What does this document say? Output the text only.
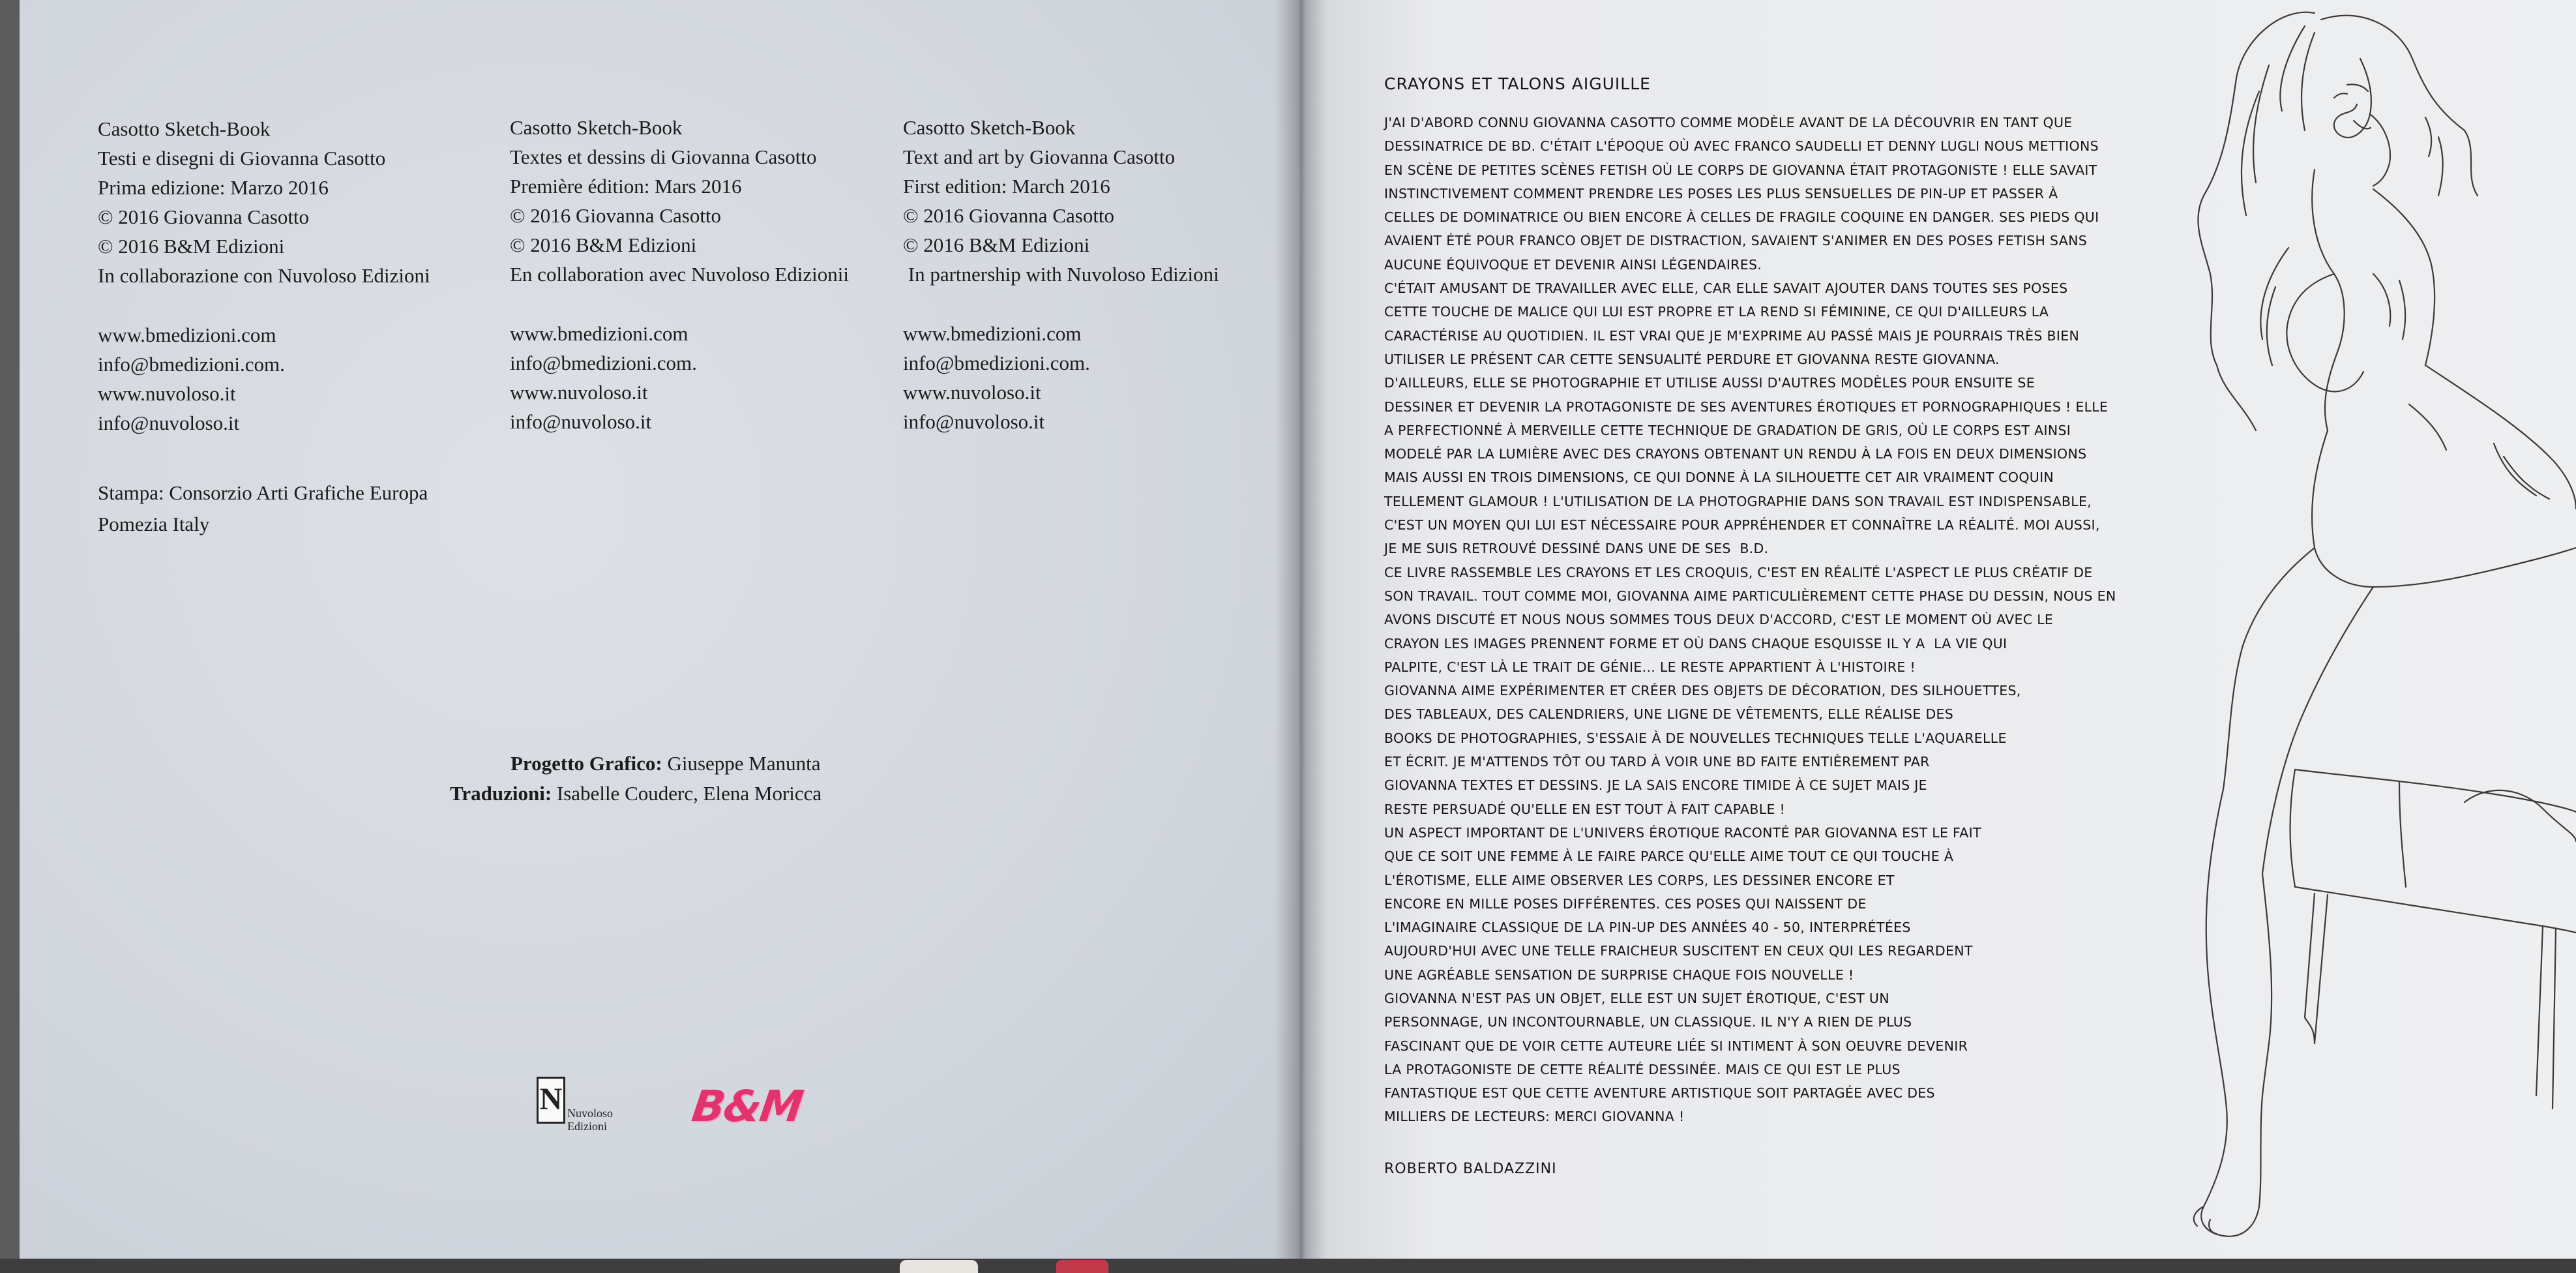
Casotto Sketch-Book
Testi e disegni di Giovanna Casotto
Prima edizione: Marzo 2016
© 2016 Giovanna Casotto
© 2016 B&M Edizioni
In collaborazione con Nuvoloso Edizioni
www.bmedizioni.com
info@bmedizioni.com.
www.nuvoloso.it
info@nuvoloso.it
Casotto Sketch-Book
Textes et dessins di Giovanna Casotto
Première édition: Mars 2016
© 2016 Giovanna Casotto
© 2016 B&M Edizioni
En collaboration avec Nuvoloso Edizionii
www.bmedizioni.com
info@bmedizioni.com.
www.nuvoloso.it
info@nuvoloso.it
Casotto Sketch-Book
Text and art by Giovanna Casotto
First edition: March 2016
© 2016 Giovanna Casotto
© 2016 B&M Edizioni
In partnership with Nuvoloso Edizioni
www.bmedizioni.com
info@bmedizioni.com.
www.nuvoloso.it
info@nuvoloso.it
Stampa: Consorzio Arti Grafiche Europa
Pomezia Italy
Progetto Grafico: Giuseppe Manunta
Traduzioni: Isabelle Couderc, Elena Moricca
N Nuvoloso Edizioni	B&M
CRAYONS ET TALONS AIGUILLE
J'AI D'ABORD CONNU GIOVANNA CASOTTO COMME MODÈLE AVANT DE LA DÉCOUVRIR EN TANT QUE
DESSINATRICE DE BD. C'ÉTAIT L'ÉPOQUE OÙ AVEC FRANCO SAUDELLI ET DENNY LUGLI NOUS METTIONS
EN SCÈNE DE PETITES SCÈNES FETISH OÙ LE CORPS DE GIOVANNA ÉTAIT PROTAGONISTE ! ELLE SAVAIT
INSTINCTIVEMENT COMMENT PRENDRE LES POSES LES PLUS SENSUELLES DE PIN-UP ET PASSER À
CELLES DE DOMINATRICE OU BIEN ENCORE À CELLES DE FRAGILE COQUINE EN DANGER. SES PIEDS QUI
AVAIENT ÉTÉ POUR FRANCO OBJET DE DISTRACTION, SAVAIENT S'ANIMER EN DES POSES FETISH SANS
AUCUNE ÉQUIVOQUE ET DEVENIR AINSI LÉGENDAIRES.
C'ÉTAIT AMUSANT DE TRAVAILLER AVEC ELLE, CAR ELLE SAVAIT AJOUTER DANS TOUTES SES POSES
CETTE TOUCHE DE MALICE QUI LUI EST PROPRE ET LA REND SI FÉMININE, CE QUI D'AILLEURS LA
CARACTÉRISE AU QUOTIDIEN. IL EST VRAI QUE JE M'EXPRIME AU PASSÉ MAIS JE POURRAIS TRÈS BIEN
UTILISER LE PRÉSENT CAR CETTE SENSUALITÉ PERDURE ET GIOVANNA RESTE GIOVANNA.
D'AILLEURS, ELLE SE PHOTOGRAPHIE ET UTILISE AUSSI D'AUTRES MODÈLES POUR ENSUITE SE
DESSINER ET DEVENIR LA PROTAGONISTE DE SES AVENTURES ÉROTIQUES ET PORNOGRAPHIQUES ! ELLE
A PERFECTIONNÉ À MERVEILLE CETTE TECHNIQUE DE GRADATION DE GRIS, OÙ LE CORPS EST AINSI
MODELÉ PAR LA LUMIÈRE AVEC DES CRAYONS OBTENANT UN RENDU À LA FOIS EN DEUX DIMENSIONS
MAIS AUSSI EN TROIS DIMENSIONS, CE QUI DONNE À LA SILHOUETTE CET AIR VRAIMENT COQUIN
TELLEMENT GLAMOUR ! L'UTILISATION DE LA PHOTOGRAPHIE DANS SON TRAVAIL EST INDISPENSABLE,
C'EST UN MOYEN QUI LUI EST NÉCESSAIRE POUR APPRÉHENDER ET CONNAÎTRE LA RÉALITÉ. MOI AUSSI,
JE ME SUIS RETROUVÉ DESSINÉ DANS UNE DE SES  B.D.
CE LIVRE RASSEMBLE LES CRAYONS ET LES CROQUIS, C'EST EN RÉALITÉ L'ASPECT LE PLUS CRÉATIF DE
SON TRAVAIL. TOUT COMME MOI, GIOVANNA AIME PARTICULIÈREMENT CETTE PHASE DU DESSIN, NOUS EN
AVONS DISCUTÉ ET NOUS NOUS SOMMES TOUS DEUX D'ACCORD, C'EST LE MOMENT OÙ AVEC LE
CRAYON LES IMAGES PRENNENT FORME ET OÙ DANS CHAQUE ESQUISSE IL Y A  LA VIE QUI
PALPITE, C'EST LÀ LE TRAIT DE GÉNIE... LE RESTE APPARTIENT À L'HISTOIRE !
GIOVANNA AIME EXPÉRIMENTER ET CRÉER DES OBJETS DE DÉCORATION, DES SILHOUETTES,
DES TABLEAUX, DES CALENDRIERS, UNE LIGNE DE VÊTEMENTS, ELLE RÉALISE DES
BOOKS DE PHOTOGRAPHIES, S'ESSAIE À DE NOUVELLES TECHNIQUES TELLE L'AQUARELLE
ET ÉCRIT. JE M'ATTENDS TÔT OU TARD À VOIR UNE BD FAITE ENTIÈREMENT PAR
GIOVANNA TEXTES ET DESSINS. JE LA SAIS ENCORE TIMIDE À CE SUJET MAIS JE
RESTE PERSUADÉ QU'ELLE EN EST TOUT À FAIT CAPABLE !
UN ASPECT IMPORTANT DE L'UNIVERS ÉROTIQUE RACONTÉ PAR GIOVANNA EST LE FAIT
QUE CE SOIT UNE FEMME À LE FAIRE PARCE QU'ELLE AIME TOUT CE QUI TOUCHE À
L'ÉROTISME, ELLE AIME OBSERVER LES CORPS, LES DESSINER ENCORE ET
ENCORE EN MILLE POSES DIFFÉRENTES. CES POSES QUI NAISSENT DE
L'IMAGINAIRE CLASSIQUE DE LA PIN-UP DES ANNÉES 40 - 50, INTERPRÉTÉES
AUJOURD'HUI AVEC UNE TELLE FRAICHEUR SUSCITENT EN CEUX QUI LES REGARDENT
UNE AGRÉABLE SENSATION DE SURPRISE CHAQUE FOIS NOUVELLE !
GIOVANNA N'EST PAS UN OBJET, ELLE EST UN SUJET ÉROTIQUE, C'EST UN
PERSONNAGE, UN INCONTOURNABLE, UN CLASSIQUE. IL N'Y A RIEN DE PLUS
FASCINANT QUE DE VOIR CETTE AUTEURE LIÉE SI INTIMENT À SON OEUVRE DEVENIR
LA PROTAGONISTE DE CETTE RÉALITÉ DESSINÉE. MAIS CE QUI EST LE PLUS
FANTASTIQUE EST QUE CETTE AVENTURE ARTISTIQUE SOIT PARTAGÉE AVEC DES
MILLIERS DE LECTEURS: MERCI GIOVANNA !
ROBERTO BALDAZZINI
